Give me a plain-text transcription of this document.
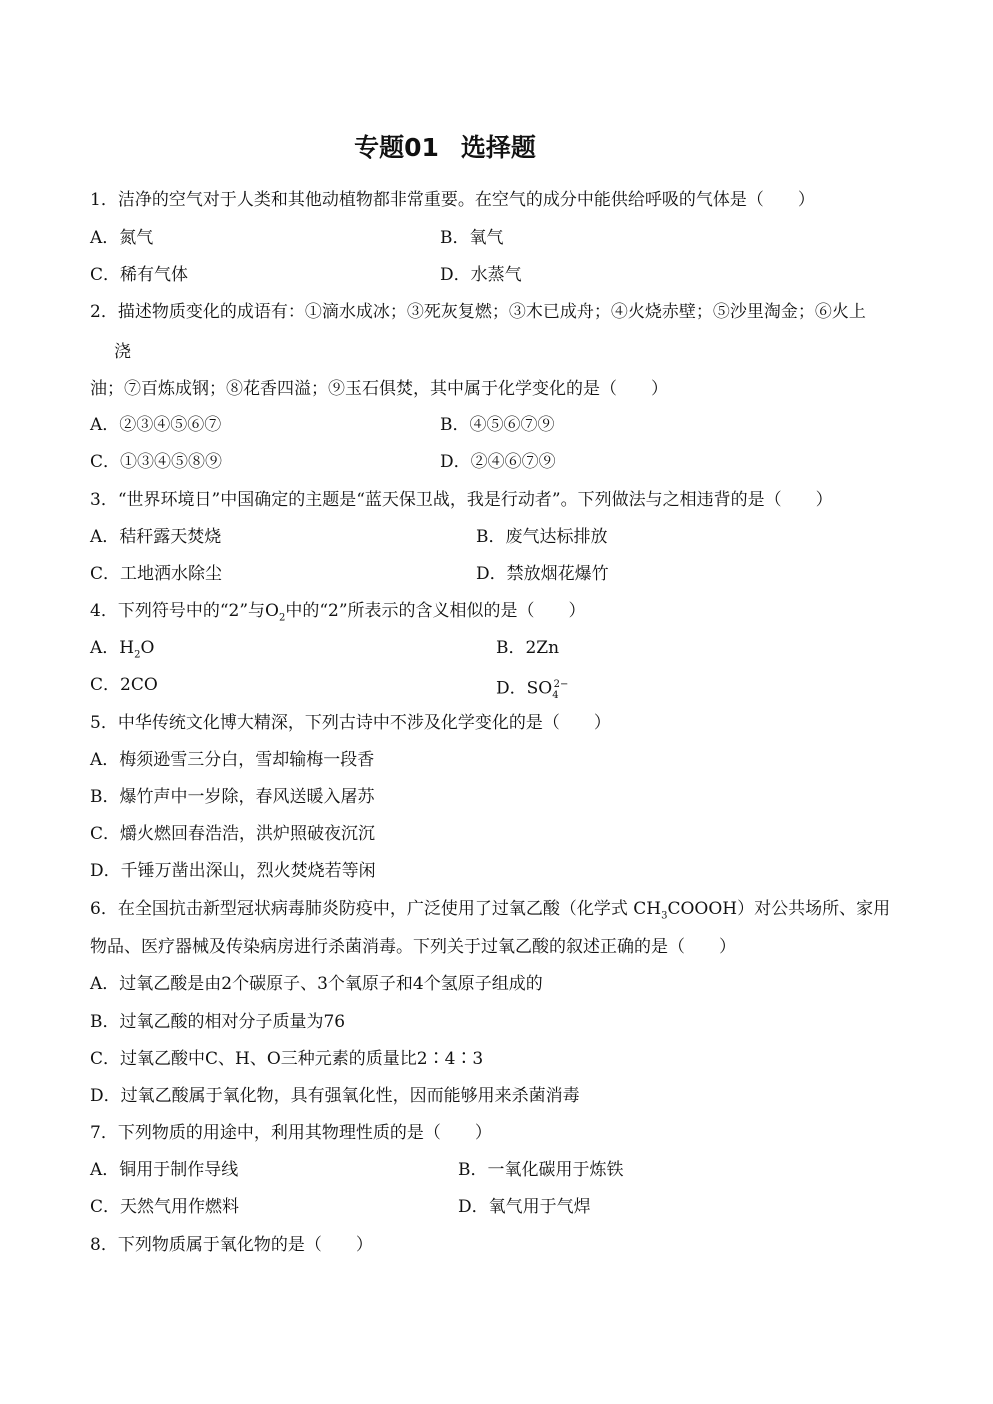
专题01 选择题
1．洁净的空气对于人类和其他动植物都非常重要。在空气的成分中能供给呼吸的气体是（　　）
A．氮气	B．氧气
C．稀有气体	D．水蒸气
2．描述物质变化的成语有：①滴水成冰；③死灰复燃；③木已成舟；④火烧赤壁；⑤沙里淘金；⑥火上
浇
油；⑦百炼成钢；⑧花香四溢；⑨玉石俱焚，其中属于化学变化的是（　　）
A．②③④⑤⑥⑦	B．④⑤⑥⑦⑨
C．①③④⑤⑧⑨	D．②④⑥⑦⑨
3．“世界环境日”中国确定的主题是“蓝天保卫战，我是行动者”。下列做法与之相违背的是（　　）
A．秸秆露天焚烧	B．废气达标排放
C．工地洒水除尘	D．禁放烟花爆竹
4．下列符号中的“2”与$O_2$中的“2”所表示的含义相似的是（　　）
A．$H_2O$	B．2Zn
C．2CO	D．$SO_4^{2-}$
5．中华传统文化博大精深，下列古诗中不涉及化学变化的是（　　）
A．梅须逊雪三分白，雪却输梅一段香
B．爆竹声中一岁除，春风送暖入屠苏
C．爝火燃回春浩浩，洪炉照破夜沉沉
D．千锤万凿出深山，烈火焚烧若等闲
6．在全国抗击新型冠状病毒肺炎防疫中，广泛使用了过氧乙酸（化学式 $CH_3COOOH$）对公共场所、家用
物品、医疗器械及传染病房进行杀菌消毒。下列关于过氧乙酸的叙述正确的是（　　）
A．过氧乙酸是由2个碳原子、3个氧原子和4个氢原子组成的
B．过氧乙酸的相对分子质量为76
C．过氧乙酸中C、H、O三种元素的质量比2∶4∶3
D．过氧乙酸属于氧化物，具有强氧化性，因而能够用来杀菌消毒
7．下列物质的用途中，利用其物理性质的是（　　）
A．铜用于制作导线	B．一氧化碳用于炼铁
C．天然气用作燃料	D．氧气用于气焊
8．下列物质属于氧化物的是（　　）
